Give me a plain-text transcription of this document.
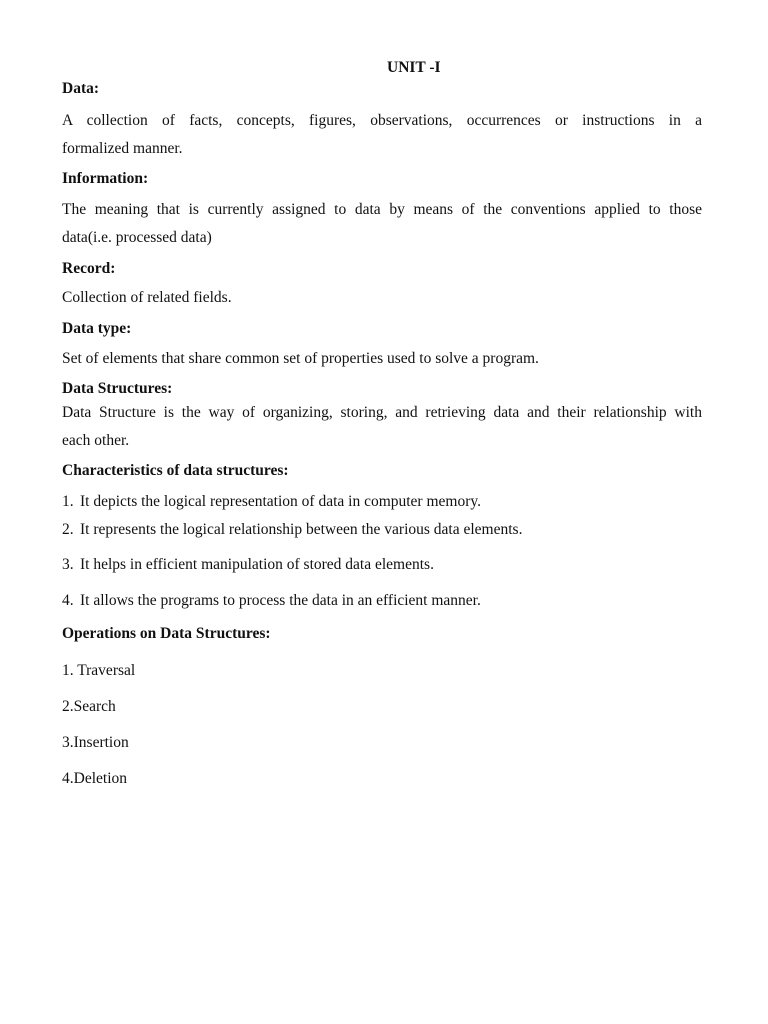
UNIT -I
Data:
A collection of facts, concepts, figures, observations, occurrences or instructions in a
formalized manner.
Information:
The meaning that is currently assigned to data by means of the conventions applied to those
data(i.e. processed data)
Record:
Collection of related fields.
Data type:
Set of elements that share common set of properties used to solve a program.
Data Structures:
Data Structure is the way of organizing, storing, and retrieving data and their relationship with
each other.
Characteristics of data structures:
1. It depicts the logical representation of data in computer memory.
2. It represents the logical relationship between the various data elements.
3. It helps in efficient manipulation of stored data elements.
4. It allows the programs to process the data in an efficient manner.
Operations on Data Structures:
1. Traversal
2.Search
3.Insertion
4.Deletion
